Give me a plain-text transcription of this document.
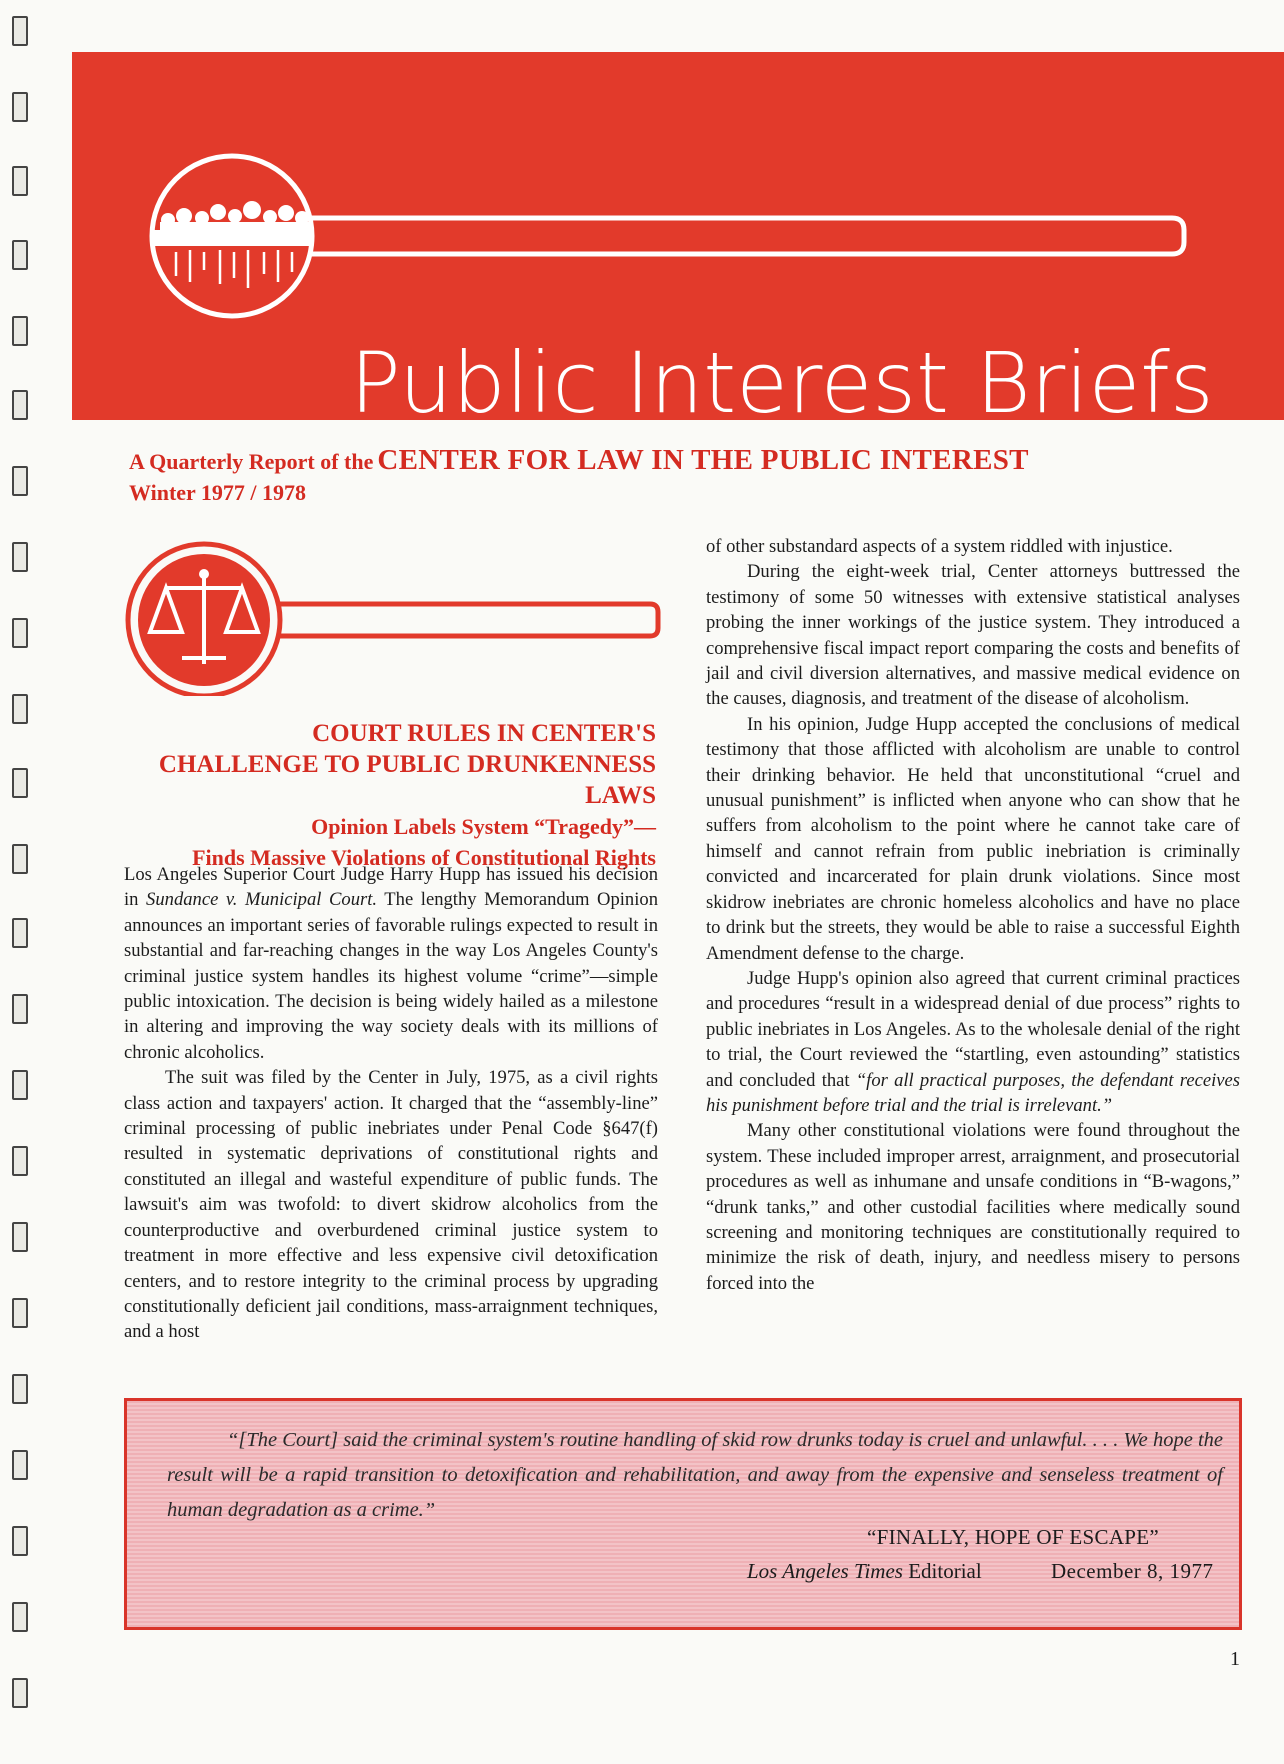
Public Interest Briefs
A Quarterly Report of the CENTER FOR LAW IN THE PUBLIC INTEREST
Winter 1977 / 1978
COURT RULES IN CENTER'S
CHALLENGE TO PUBLIC DRUNKENNESS LAWS
Opinion Labels System “Tragedy”—
Finds Massive Violations of Constitutional Rights

Los Angeles Superior Court Judge Harry Hupp has issued his decision in Sundance v. Municipal Court. The lengthy Memorandum Opinion announces an important series of favorable rulings expected to result in substantial and far-reaching changes in the way Los Angeles County's criminal justice system handles its highest volume “crime”—simple public intoxication. The decision is being widely hailed as a milestone in altering and improving the way society deals with its millions of chronic alcoholics.

The suit was filed by the Center in July, 1975, as a civil rights class action and taxpayers' action. It charged that the “assembly-line” criminal processing of public inebriates under Penal Code §647(f) resulted in systematic deprivations of constitutional rights and constituted an illegal and wasteful expenditure of public funds. The lawsuit's aim was twofold: to divert skidrow alcoholics from the counterproductive and overburdened criminal justice system to treatment in more effective and less expensive civil detoxification centers, and to restore integrity to the criminal process by upgrading constitutionally deficient jail conditions, mass-arraignment techniques, and a host

of other substandard aspects of a system riddled with injustice.

During the eight-week trial, Center attorneys buttressed the testimony of some 50 witnesses with extensive statistical analyses probing the inner workings of the justice system. They introduced a comprehensive fiscal impact report comparing the costs and benefits of jail and civil diversion alternatives, and massive medical evidence on the causes, diagnosis, and treatment of the disease of alcoholism.

In his opinion, Judge Hupp accepted the conclusions of medical testimony that those afflicted with alcoholism are unable to control their drinking behavior. He held that unconstitutional “cruel and unusual punishment” is inflicted when anyone who can show that he suffers from alcoholism to the point where he cannot take care of himself and cannot refrain from public inebriation is criminally convicted and incarcerated for plain drunk violations. Since most skidrow inebriates are chronic homeless alcoholics and have no place to drink but the streets, they would be able to raise a successful Eighth Amendment defense to the charge.

Judge Hupp's opinion also agreed that current criminal practices and procedures “result in a widespread denial of due process” rights to public inebriates in Los Angeles. As to the wholesale denial of the right to trial, the Court reviewed the “startling, even astounding” statistics and concluded that “for all practical purposes, the defendant receives his punishment before trial and the trial is irrelevant.”

Many other constitutional violations were found throughout the system. These included improper arrest, arraignment, and prosecutorial procedures as well as inhumane and unsafe conditions in “B-wagons,” “drunk tanks,” and other custodial facilities where medically sound screening and monitoring techniques are constitutionally required to minimize the risk of death, injury, and needless misery to persons forced into the

“[The Court] said the criminal system's routine handling of skid row drunks today is cruel and unlawful. . . . We hope the result will be a rapid transition to detoxification and rehabilitation, and away from the expensive and senseless treatment of human degradation as a crime.”
“FINALLY, HOPE OF ESCAPE”
Los Angeles Times Editorial	December 8, 1977
1
